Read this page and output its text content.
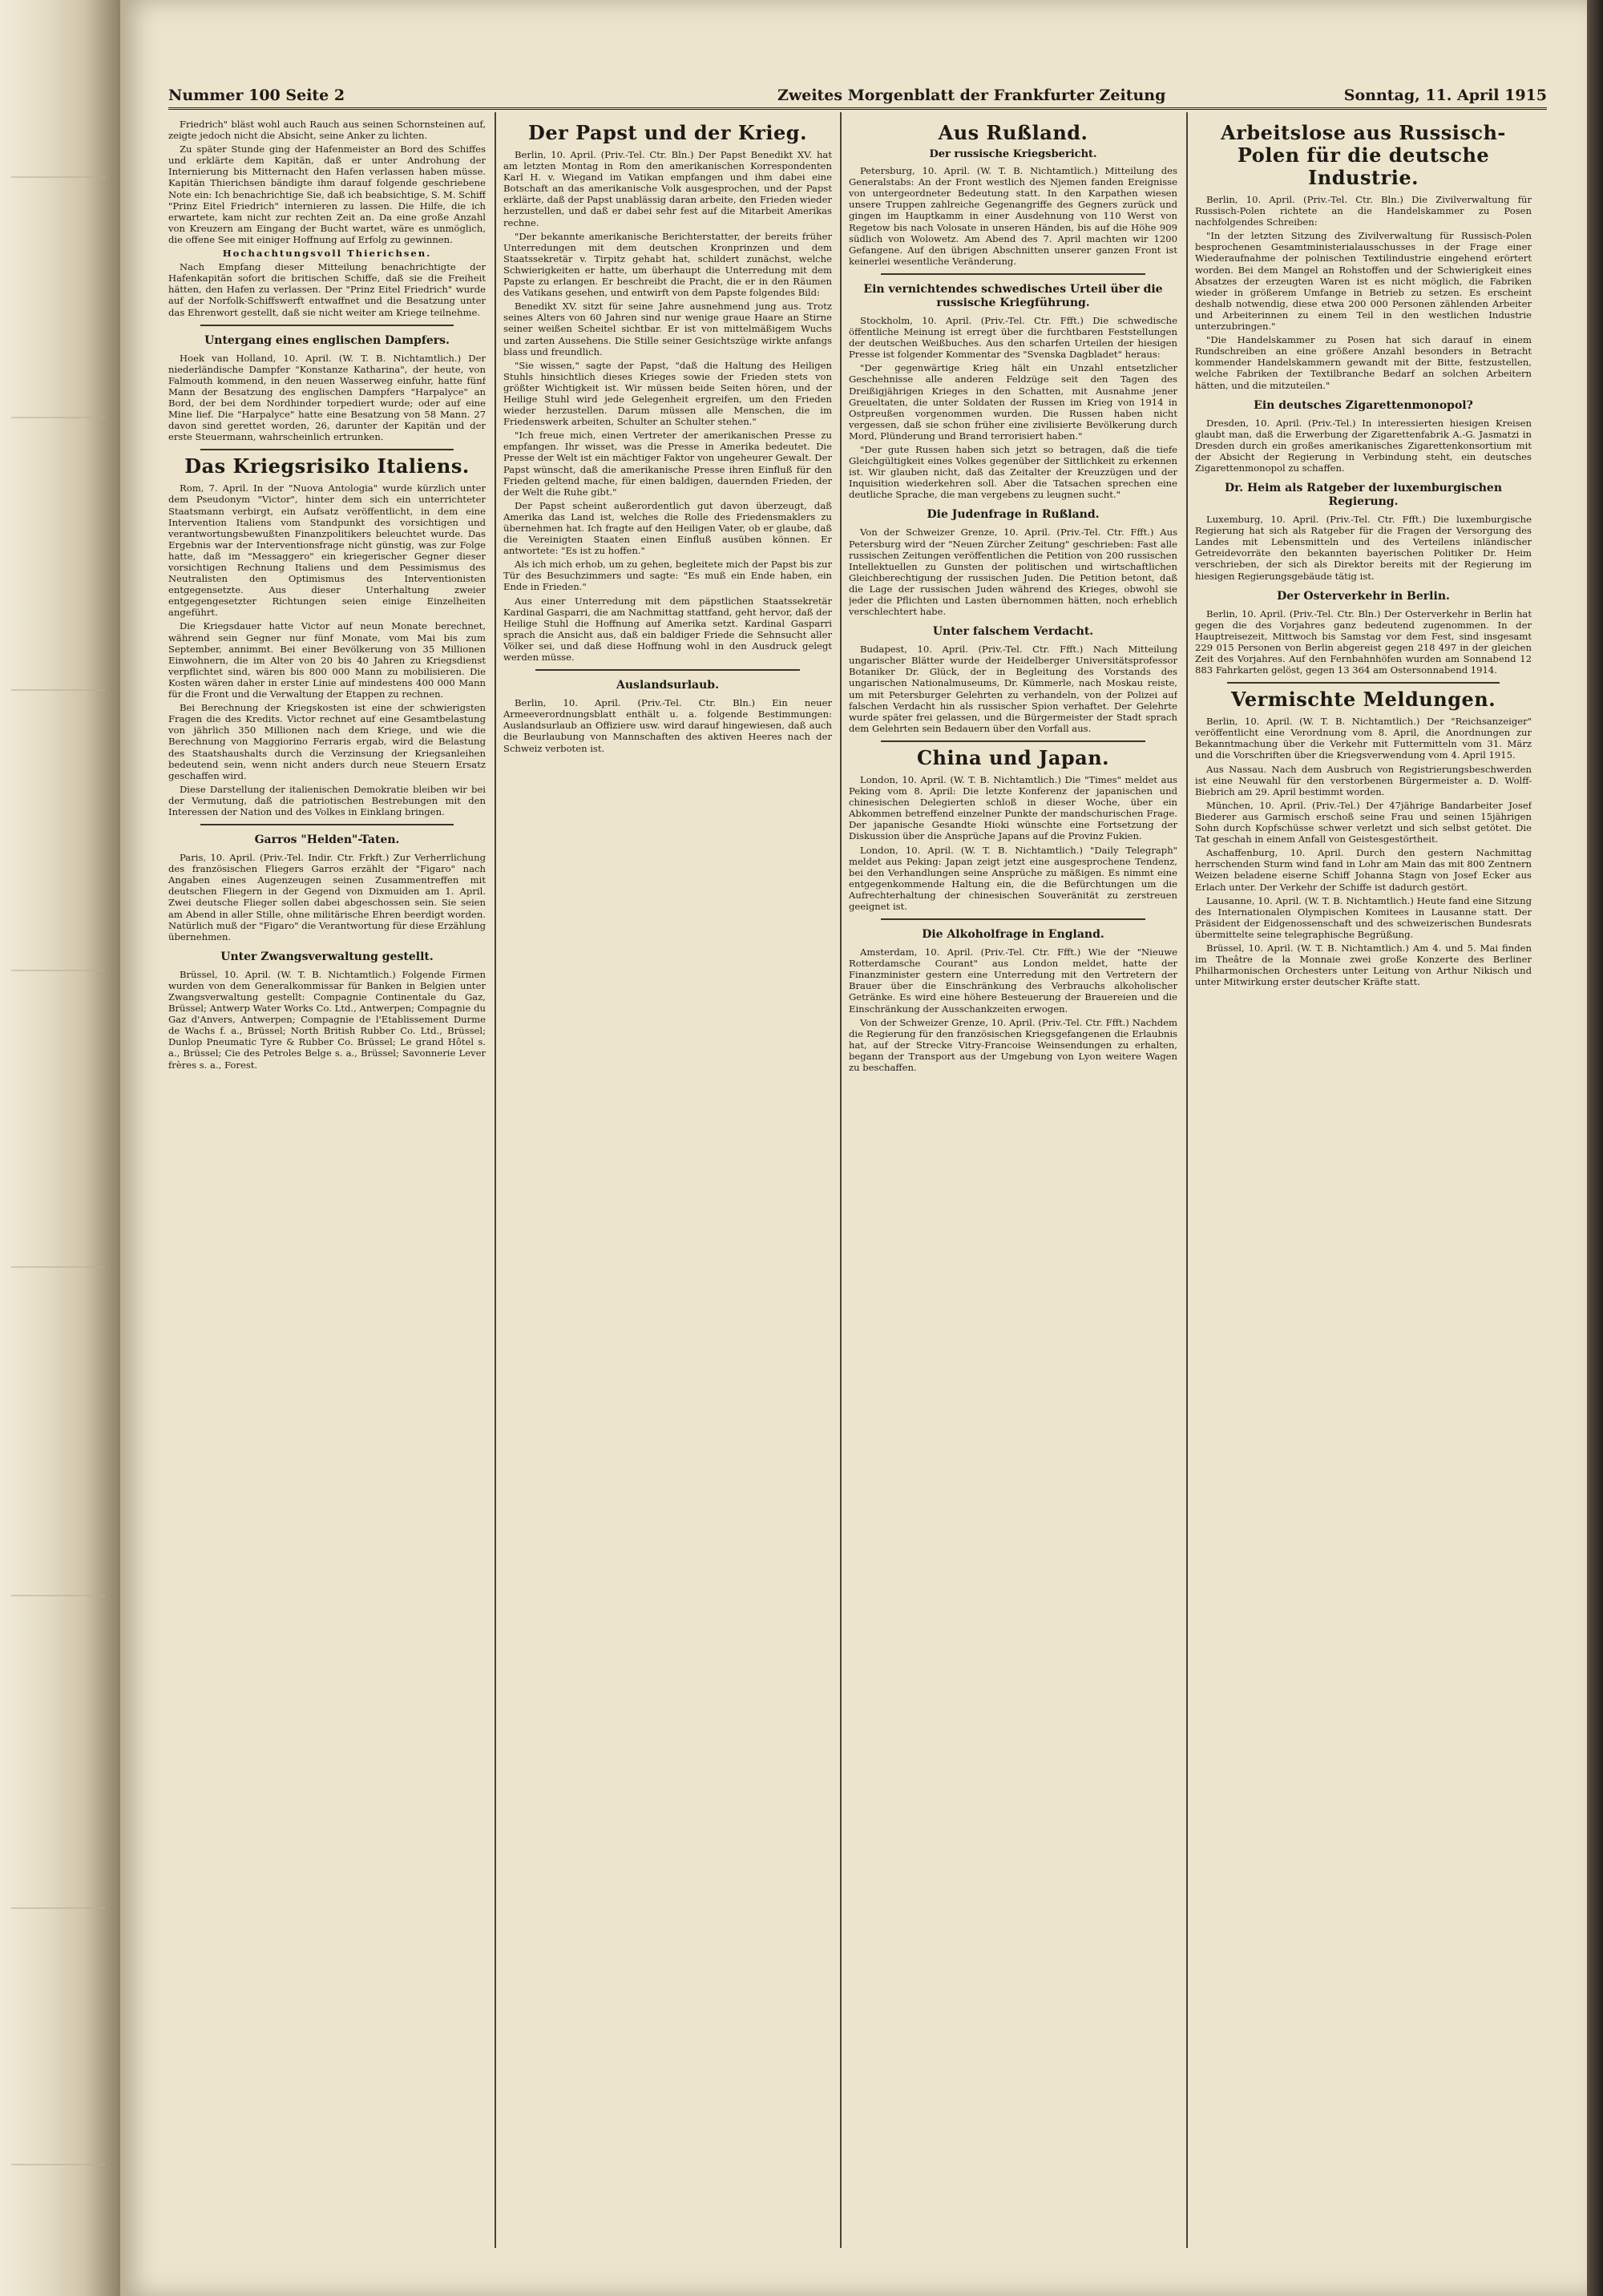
Nummer 100 Seite 2	Zweites Morgenblatt der Frankfurter Zeitung	Sonntag, 11. April 1915

Friedrich" bläst wohl auch Rauch aus seinen Schornsteinen auf, zeigte jedoch nicht die Absicht, seine Anker zu lichten.

Zu später Stunde ging der Hafenmeister an Bord des Schiffes und erklärte dem Kapitän, daß er unter Androhung der Internierung bis Mitternacht den Hafen verlassen haben müsse. Kapitän Thierichsen bändigte ihm darauf folgende geschriebene Note ein: Ich benachrichtige Sie, daß ich beabsichtige, S. M. Schiff "Prinz Eitel Friedrich" internieren zu lassen. Die Hilfe, die ich erwartete, kam nicht zur rechten Zeit an. Da eine große Anzahl von Kreuzern am Eingang der Bucht wartet, wäre es unmöglich, die offene See mit einiger Hoffnung auf Erfolg zu gewinnen.

Hochachtungsvoll Thierichsen.

Nach Empfang dieser Mitteilung benachrichtigte der Hafenkapitän sofort die britischen Schiffe, daß sie die Freiheit hätten, den Hafen zu verlassen. Der "Prinz Eitel Friedrich" wurde auf der Norfolk-Schiffswerft entwaffnet und die Besatzung unter das Ehrenwort gestellt, daß sie nicht weiter am Kriege teilnehme.

Untergang eines englischen Dampfers.

Hoek van Holland, 10. April. (W. T. B. Nichtamtlich.) Der niederländische Dampfer "Konstanze Katharina", der heute, von Falmouth kommend, in den neuen Wasserweg einfuhr, hatte fünf Mann der Besatzung des englischen Dampfers "Harpalyce" an Bord, der bei dem Nordhinder torpediert wurde; oder auf eine Mine lief. Die "Harpalyce" hatte eine Besatzung von 58 Mann. 27 davon sind gerettet worden, 26, darunter der Kapitän und der erste Steuermann, wahrscheinlich ertrunken.

Das Kriegsrisiko Italiens.

Rom, 7. April. In der "Nuova Antologia" wurde kürzlich unter dem Pseudonym "Victor", hinter dem sich ein unterrichteter Staatsmann verbirgt, ein Aufsatz veröffentlicht, in dem eine Intervention Italiens vom Standpunkt des vorsichtigen und verantwortungsbewußten Finanzpolitikers beleuchtet wurde. Das Ergebnis war der Interventionsfrage nicht günstig, was zur Folge hatte, daß im "Messaggero" ein kriegerischer Gegner dieser vorsichtigen Rechnung Italiens und dem Pessimismus des Neutralisten den Optimismus des Interventionisten entgegensetzte. Aus dieser Unterhaltung zweier entgegengesetzter Richtungen seien einige Einzelheiten angeführt.

Die Kriegsdauer hatte Victor auf neun Monate berechnet, während sein Gegner nur fünf Monate, vom Mai bis zum September, annimmt. Bei einer Bevölkerung von 35 Millionen Einwohnern, die im Alter von 20 bis 40 Jahren zu Kriegsdienst verpflichtet sind, wären bis 800 000 Mann zu mobilisieren. Die Kosten wären daher in erster Linie auf mindestens 400 000 Mann für die Front und die Verwaltung der Etappen zu rechnen.

Bei Berechnung der Kriegskosten ist eine der schwierigsten Fragen die des Kredits. Victor rechnet auf eine Gesamtbelastung von jährlich 350 Millionen nach dem Kriege, und wie die Berechnung von Maggiorino Ferraris ergab, wird die Belastung des Staatshaushalts durch die Verzinsung der Kriegsanleihen bedeutend sein, wenn nicht anders durch neue Steuern Ersatz geschaffen wird.

Diese Darstellung der italienischen Demokratie bleiben wir bei der Vermutung, daß die patriotischen Bestrebungen mit den Interessen der Nation und des Volkes in Einklang bringen.

Garros "Helden"-Taten.

Paris, 10. April. (Priv.-Tel. Indir. Ctr. Frkft.) Zur Verherrlichung des französischen Fliegers Garros erzählt der "Figaro" nach Angaben eines Augenzeugen seinen Zusammentreffen mit deutschen Fliegern in der Gegend von Dixmuiden am 1. April. Zwei deutsche Flieger sollen dabei abgeschossen sein. Sie seien am Abend in aller Stille, ohne militärische Ehren beerdigt worden. Natürlich muß der "Figaro" die Verantwortung für diese Erzählung übernehmen.

Unter Zwangsverwaltung gestellt.

Brüssel, 10. April. (W. T. B. Nichtamtlich.) Folgende Firmen wurden von dem Generalkommissar für Banken in Belgien unter Zwangsverwaltung gestellt: Compagnie Continentale du Gaz, Brüssel; Antwerp Water Works Co. Ltd., Antwerpen; Compagnie du Gaz d'Anvers, Antwerpen; Compagnie de l'Etablissement Durme de Wachs f. a., Brüssel; North British Rubber Co. Ltd., Brüssel; Dunlop Pneumatic Tyre & Rubber Co. Brüssel; Le grand Hôtel s. a., Brüssel; Cie des Petroles Belge s. a., Brüssel; Savonnerie Lever frères s. a., Forest.

Der Papst und der Krieg.

Berlin, 10. April. (Priv.-Tel. Ctr. Bln.) Der Papst Benedikt XV. hat am letzten Montag in Rom den amerikanischen Korrespondenten Karl H. v. Wiegand im Vatikan empfangen und ihm dabei eine Botschaft an das amerikanische Volk ausgesprochen, und der Papst erklärte, daß der Papst unablässig daran arbeite, den Frieden wieder herzustellen, und daß er dabei sehr fest auf die Mitarbeit Amerikas rechne.

"Der bekannte amerikanische Berichterstatter, der bereits früher Unterredungen mit dem deutschen Kronprinzen und dem Staatssekretär v. Tirpitz gehabt hat, schildert zunächst, welche Schwierigkeiten er hatte, um überhaupt die Unterredung mit dem Papste zu erlangen. Er beschreibt die Pracht, die er in den Räumen des Vatikans gesehen, und entwirft von dem Papste folgendes Bild:

Benedikt XV. sitzt für seine Jahre ausnehmend jung aus. Trotz seines Alters von 60 Jahren sind nur wenige graue Haare an Stirne seiner weißen Scheitel sichtbar. Er ist von mittelmäßigem Wuchs und zarten Aussehens. Die Stille seiner Gesichtszüge wirkte anfangs blass und freundlich.

"Sie wissen," sagte der Papst, "daß die Haltung des Heiligen Stuhls hinsichtlich dieses Krieges sowie der Frieden stets von größter Wichtigkeit ist. Wir müssen beide Seiten hören, und der Heilige Stuhl wird jede Gelegenheit ergreifen, um den Frieden wieder herzustellen. Darum müssen alle Menschen, die im Friedenswerk arbeiten, Schulter an Schulter stehen."

"Ich freue mich, einen Vertreter der amerikanischen Presse zu empfangen. Ihr wisset, was die Presse in Amerika bedeutet. Die Presse der Welt ist ein mächtiger Faktor von ungeheurer Gewalt. Der Papst wünscht, daß die amerikanische Presse ihren Einfluß für den Frieden geltend mache, für einen baldigen, dauernden Frieden, der der Welt die Ruhe gibt."

Der Papst scheint außerordentlich gut davon überzeugt, daß Amerika das Land ist, welches die Rolle des Friedensmaklers zu übernehmen hat. Ich fragte auf den Heiligen Vater, ob er glaube, daß die Vereinigten Staaten einen Einfluß ausüben können. Er antwortete: "Es ist zu hoffen."

Als ich mich erhob, um zu gehen, begleitete mich der Papst bis zur Tür des Besuchzimmers und sagte: "Es muß ein Ende haben, ein Ende in Frieden."

Aus einer Unterredung mit dem päpstlichen Staatssekretär Kardinal Gasparri, die am Nachmittag stattfand, geht hervor, daß der Heilige Stuhl die Hoffnung auf Amerika setzt. Kardinal Gasparri sprach die Ansicht aus, daß ein baldiger Friede die Sehnsucht aller Völker sei, und daß diese Hoffnung wohl in den Ausdruck gelegt werden müsse.

Auslandsurlaub.

Berlin, 10. April. (Priv.-Tel. Ctr. Bln.) Ein neuer Armeeverordnungsblatt enthält u. a. folgende Bestimmungen: Auslandsurlaub an Offiziere usw. wird darauf hingewiesen, daß auch die Beurlaubung von Mannschaften des aktiven Heeres nach der Schweiz verboten ist.

Aus Rußland.
Der russische Kriegsbericht.

Petersburg, 10. April. (W. T. B. Nichtamtlich.) Mitteilung des Generalstabs: An der Front westlich des Njemen fanden Ereignisse von untergeordneter Bedeutung statt. In den Karpathen wiesen unsere Truppen zahlreiche Gegenangriffe des Gegners zurück und gingen im Hauptkamm in einer Ausdehnung von 110 Werst von Regetow bis nach Volosate in unseren Händen, bis auf die Höhe 909 südlich von Wolowetz. Am Abend des 7. April machten wir 1200 Gefangene. Auf den übrigen Abschnitten unserer ganzen Front ist keinerlei wesentliche Veränderung.

Ein vernichtendes schwedisches Urteil über die russische Kriegführung.

Stockholm, 10. April. (Priv.-Tel. Ctr. Ffft.) Die schwedische öffentliche Meinung ist erregt über die furchtbaren Feststellungen der deutschen Weißbuches. Aus den scharfen Urteilen der hiesigen Presse ist folgender Kommentar des "Svenska Dagbladet" heraus:

"Der gegenwärtige Krieg hält ein Unzahl entsetzlicher Geschehnisse alle anderen Feldzüge seit den Tagen des Dreißigjährigen Krieges in den Schatten, mit Ausnahme jener Greueltaten, die unter Soldaten der Russen im Krieg von 1914 in Ostpreußen vorgenommen wurden. Die Russen haben nicht vergessen, daß sie schon früher eine zivilisierte Bevölkerung durch Mord, Plünderung und Brand terrorisiert haben."

"Der gute Russen haben sich jetzt so betragen, daß die tiefe Gleichgültigkeit eines Volkes gegenüber der Sittlichkeit zu erkennen ist. Wir glauben nicht, daß das Zeitalter der Kreuzzügen und der Inquisition wiederkehren soll. Aber die Tatsachen sprechen eine deutliche Sprache, die man vergebens zu leugnen sucht."

Die Judenfrage in Rußland.

Von der Schweizer Grenze, 10. April. (Priv.-Tel. Ctr. Ffft.) Aus Petersburg wird der "Neuen Zürcher Zeitung" geschrieben: Fast alle russischen Zeitungen veröffentlichen die Petition von 200 russischen Intellektuellen zu Gunsten der politischen und wirtschaftlichen Gleichberechtigung der russischen Juden. Die Petition betont, daß die Lage der russischen Juden während des Krieges, obwohl sie jeder die Pflichten und Lasten übernommen hätten, noch erheblich verschlechtert habe.

Unter falschem Verdacht.

Budapest, 10. April. (Priv.-Tel. Ctr. Ffft.) Nach Mitteilung ungarischer Blätter wurde der Heidelberger Universitätsprofessor Botaniker Dr. Glück, der in Begleitung des Vorstands des ungarischen Nationalmuseums, Dr. Kümmerle, nach Moskau reiste, um mit Petersburger Gelehrten zu verhandeln, von der Polizei auf falschen Verdacht hin als russischer Spion verhaftet. Der Gelehrte wurde später frei gelassen, und die Bürgermeister der Stadt sprach dem Gelehrten sein Bedauern über den Vorfall aus.

China und Japan.

London, 10. April. (W. T. B. Nichtamtlich.) Die "Times" meldet aus Peking vom 8. April: Die letzte Konferenz der japanischen und chinesischen Delegierten schloß in dieser Woche, über ein Abkommen betreffend einzelner Punkte der mandschurischen Frage. Der japanische Gesandte Hioki wünschte eine Fortsetzung der Diskussion über die Ansprüche Japans auf die Provinz Fukien.

London, 10. April. (W. T. B. Nichtamtlich.) "Daily Telegraph" meldet aus Peking: Japan zeigt jetzt eine ausgesprochene Tendenz, bei den Verhandlungen seine Ansprüche zu mäßigen. Es nimmt eine entgegenkommende Haltung ein, die die Befürchtungen um die Aufrechterhaltung der chinesischen Souveränität zu zerstreuen geeignet ist.

Die Alkoholfrage in England.

Amsterdam, 10. April. (Priv.-Tel. Ctr. Ffft.) Wie der "Nieuwe Rotterdamsche Courant" aus London meldet, hatte der Finanzminister gestern eine Unterredung mit den Vertretern der Brauer über die Einschränkung des Verbrauchs alkoholischer Getränke. Es wird eine höhere Besteuerung der Brauereien und die Einschränkung der Ausschankzeiten erwogen.

Von der Schweizer Grenze, 10. April. (Priv.-Tel. Ctr. Ffft.) Nachdem die Regierung für den französischen Kriegsgefangenen die Erlaubnis hat, auf der Strecke Vitry-Francoise Weinsendungen zu erhalten, begann der Transport aus der Umgebung von Lyon weitere Wagen zu beschaffen.

Arbeitslose aus Russisch-Polen für die deutsche Industrie.

Berlin, 10. April. (Priv.-Tel. Ctr. Bln.) Die Zivilverwaltung für Russisch-Polen richtete an die Handelskammer zu Posen nachfolgendes Schreiben:

"In der letzten Sitzung des Zivilverwaltung für Russisch-Polen besprochenen Gesamtministerialausschusses in der Frage einer Wiederaufnahme der polnischen Textilindustrie eingehend erörtert worden. Bei dem Mangel an Rohstoffen und der Schwierigkeit eines Absatzes der erzeugten Waren ist es nicht möglich, die Fabriken wieder in größerem Umfange in Betrieb zu setzen. Es erscheint deshalb notwendig, diese etwa 200 000 Personen zählenden Arbeiter und Arbeiterinnen zu einem Teil in den westlichen Industrie unterzubringen."

"Die Handelskammer zu Posen hat sich darauf in einem Rundschreiben an eine größere Anzahl besonders in Betracht kommender Handelskammern gewandt mit der Bitte, festzustellen, welche Fabriken der Textilbranche Bedarf an solchen Arbeitern hätten, und die mitzuteilen."

Ein deutsches Zigarettenmonopol?

Dresden, 10. April. (Priv.-Tel.) In interessierten hiesigen Kreisen glaubt man, daß die Erwerbung der Zigarettenfabrik A.-G. Jasmatzi in Dresden durch ein großes amerikanisches Zigarettenkonsortium mit der Absicht der Regierung in Verbindung steht, ein deutsches Zigarettenmonopol zu schaffen.

Dr. Heim als Ratgeber der luxemburgischen Regierung.

Luxemburg, 10. April. (Priv.-Tel. Ctr. Ffft.) Die luxemburgische Regierung hat sich als Ratgeber für die Fragen der Versorgung des Landes mit Lebensmitteln und des Verteilens inländischer Getreidevorräte den bekannten bayerischen Politiker Dr. Heim verschrieben, der sich als Direktor bereits mit der Regierung im hiesigen Regierungsgebäude tätig ist.

Der Osterverkehr in Berlin.

Berlin, 10. April. (Priv.-Tel. Ctr. Bln.) Der Osterverkehr in Berlin hat gegen die des Vorjahres ganz bedeutend zugenommen. In der Hauptreisezeit, Mittwoch bis Samstag vor dem Fest, sind insgesamt 229 015 Personen von Berlin abgereist gegen 218 497 in der gleichen Zeit des Vorjahres. Auf den Fernbahnhöfen wurden am Sonnabend 12 883 Fahrkarten gelöst, gegen 13 364 am Ostersonnabend 1914.

Vermischte Meldungen.

Berlin, 10. April. (W. T. B. Nichtamtlich.) Der "Reichsanzeiger" veröffentlicht eine Verordnung vom 8. April, die Anordnungen zur Bekanntmachung über die Verkehr mit Futtermitteln vom 31. März und die Vorschriften über die Kriegsverwendung vom 4. April 1915.

Aus Nassau. Nach dem Ausbruch von Registrierungsbeschwerden ist eine Neuwahl für den verstorbenen Bürgermeister a. D. Wolff-Biebrich am 29. April bestimmt worden.

München, 10. April. (Priv.-Tel.) Der 47jährige Bandarbeiter Josef Biederer aus Garmisch erschoß seine Frau und seinen 15jährigen Sohn durch Kopfschüsse schwer verletzt und sich selbst getötet. Die Tat geschah in einem Anfall von Geistesgestörtheit.

Aschaffenburg, 10. April. Durch den gestern Nachmittag herrschenden Sturm wind fand in Lohr am Main das mit 800 Zentnern Weizen beladene eiserne Schiff Johanna Stagn von Josef Ecker aus Erlach unter. Der Verkehr der Schiffe ist dadurch gestört.

Lausanne, 10. April. (W. T. B. Nichtamtlich.) Heute fand eine Sitzung des Internationalen Olympischen Komitees in Lausanne statt. Der Präsident der Eidgenossenschaft und des schweizerischen Bundesrats übermittelte seine telegraphische Begrüßung.

Brüssel, 10. April. (W. T. B. Nichtamtlich.) Am 4. und 5. Mai finden im Theâtre de la Monnaie zwei große Konzerte des Berliner Philharmonischen Orchesters unter Leitung von Arthur Nikisch und unter Mitwirkung erster deutscher Kräfte statt.
